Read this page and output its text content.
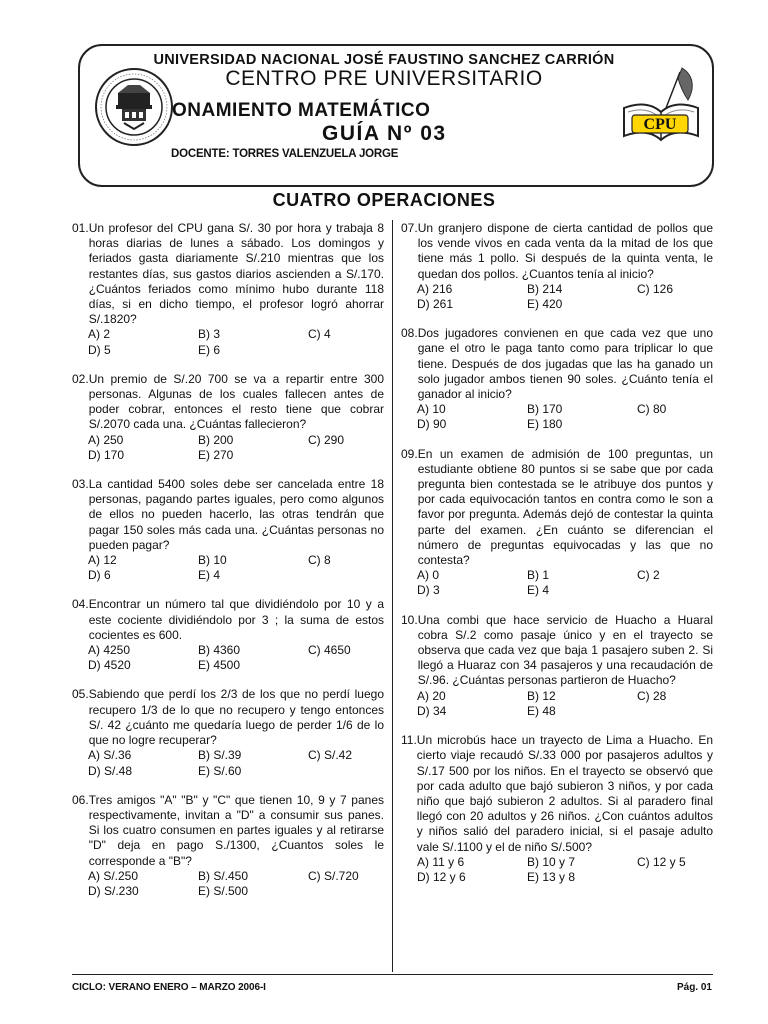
UNIVERSIDAD NACIONAL JOSÉ FAUSTINO SANCHEZ CARRIÓN
CENTRO PRE UNIVERSITARIO
ONAMIENTO MATEMÁTICO
GUÍA Nº 03
DOCENTE: TORRES VALENZUELA JORGE
CPU
CUATRO OPERACIONES
01. Un profesor del CPU gana S/. 30 por hora y trabaja 8 horas diarias de lunes a sábado. Los domingos y feriados gasta diariamente S/.210 mientras que los restantes días, sus gastos diarios ascienden a S/.170. ¿Cuántos feriados como mínimo hubo durante 118 días, si en dicho tiempo, el profesor logró ahorrar S/.1820?
A) 2	B) 3	C) 4
D) 5	E) 6
02. Un premio de S/.20 700 se va a repartir entre 300 personas. Algunas de los cuales fallecen antes de poder cobrar, entonces el resto tiene que cobrar S/.2070 cada una. ¿Cuántas fallecieron?
A) 250	B) 200	C) 290
D) 170	E) 270
03. La cantidad 5400 soles debe ser cancelada entre 18 personas, pagando partes iguales, pero como algunos de ellos no pueden hacerlo, las otras tendrán que pagar 150 soles más cada una. ¿Cuántas personas no pueden pagar?
A) 12	B) 10	C) 8
D) 6	E) 4
04. Encontrar un número tal que dividiéndolo por 10 y a este cociente dividiéndolo por 3 ; la suma de estos cocientes es 600.
A) 4250	B) 4360	C) 4650
D) 4520	E) 4500
05. Sabiendo que perdí los 2/3 de los que no perdí luego recupero 1/3 de lo que no recupero y tengo entonces S/. 42 ¿cuánto me quedaría luego de perder 1/6 de lo que no logre recuperar?
A) S/.36	B) S/.39	C) S/.42
D) S/.48	E) S/.60
06. Tres amigos "A" "B" y "C" que tienen 10, 9 y 7 panes respectivamente, invitan a "D" a consumir sus panes. Si los cuatro consumen en partes iguales y al retirarse "D" deja en pago S./1300, ¿Cuantos soles le corresponde a "B"?
A) S/.250	B) S/.450	C) S/.720
D) S/.230	E) S/.500
07. Un granjero dispone de cierta cantidad de pollos que los vende vivos en cada venta da la mitad de los que tiene más 1 pollo. Si después de la quinta venta, le quedan dos pollos. ¿Cuantos tenía al inicio?
A) 216	B) 214	C) 126
D) 261	E) 420
08. Dos jugadores convienen en que cada vez que uno gane el otro le paga tanto como para triplicar lo que tiene. Después de dos jugadas que las ha ganado un solo jugador ambos tienen 90 soles. ¿Cuánto tenía el ganador al inicio?
A) 10	B) 170	C) 80
D) 90	E) 180
09. En un examen de admisión de 100 preguntas, un estudiante obtiene 80 puntos si se sabe que por cada pregunta bien contestada se le atribuye dos puntos y por cada equivocación tantos en contra como le son a favor por pregunta. Además dejó de contestar la quinta parte del examen. ¿En cuánto se diferencian el número de preguntas equivocadas y las que no contesta?
A) 0	B) 1	C) 2
D) 3	E) 4
10. Una combi que hace servicio de Huacho a Huaral cobra S/.2 como pasaje único y en el trayecto se observa que cada vez que baja 1 pasajero suben 2. Si llegó a Huaraz con 34 pasajeros y una recaudación de S/.96. ¿Cuántas personas partieron de Huacho?
A) 20	B) 12	C) 28
D) 34	E) 48
11. Un microbús hace un trayecto de Lima a Huacho. En cierto viaje recaudó S/.33 000 por pasajeros adultos y S/.17 500 por los niños. En el trayecto se observó que por cada adulto que bajó subieron 3 niños, y por cada niño que bajó subieron 2 adultos. Si al paradero final llegó con 20 adultos y 26 niños. ¿Con cuántos adultos y niños salió del paradero inicial, si el pasaje adulto vale S/.1100 y el de niño S/.500?
A) 11 y 6	B) 10 y 7	C) 12 y 5
D) 12 y 6	E) 13 y 8
CICLO: VERANO ENERO – MARZO 2006-I	Pág. 01
